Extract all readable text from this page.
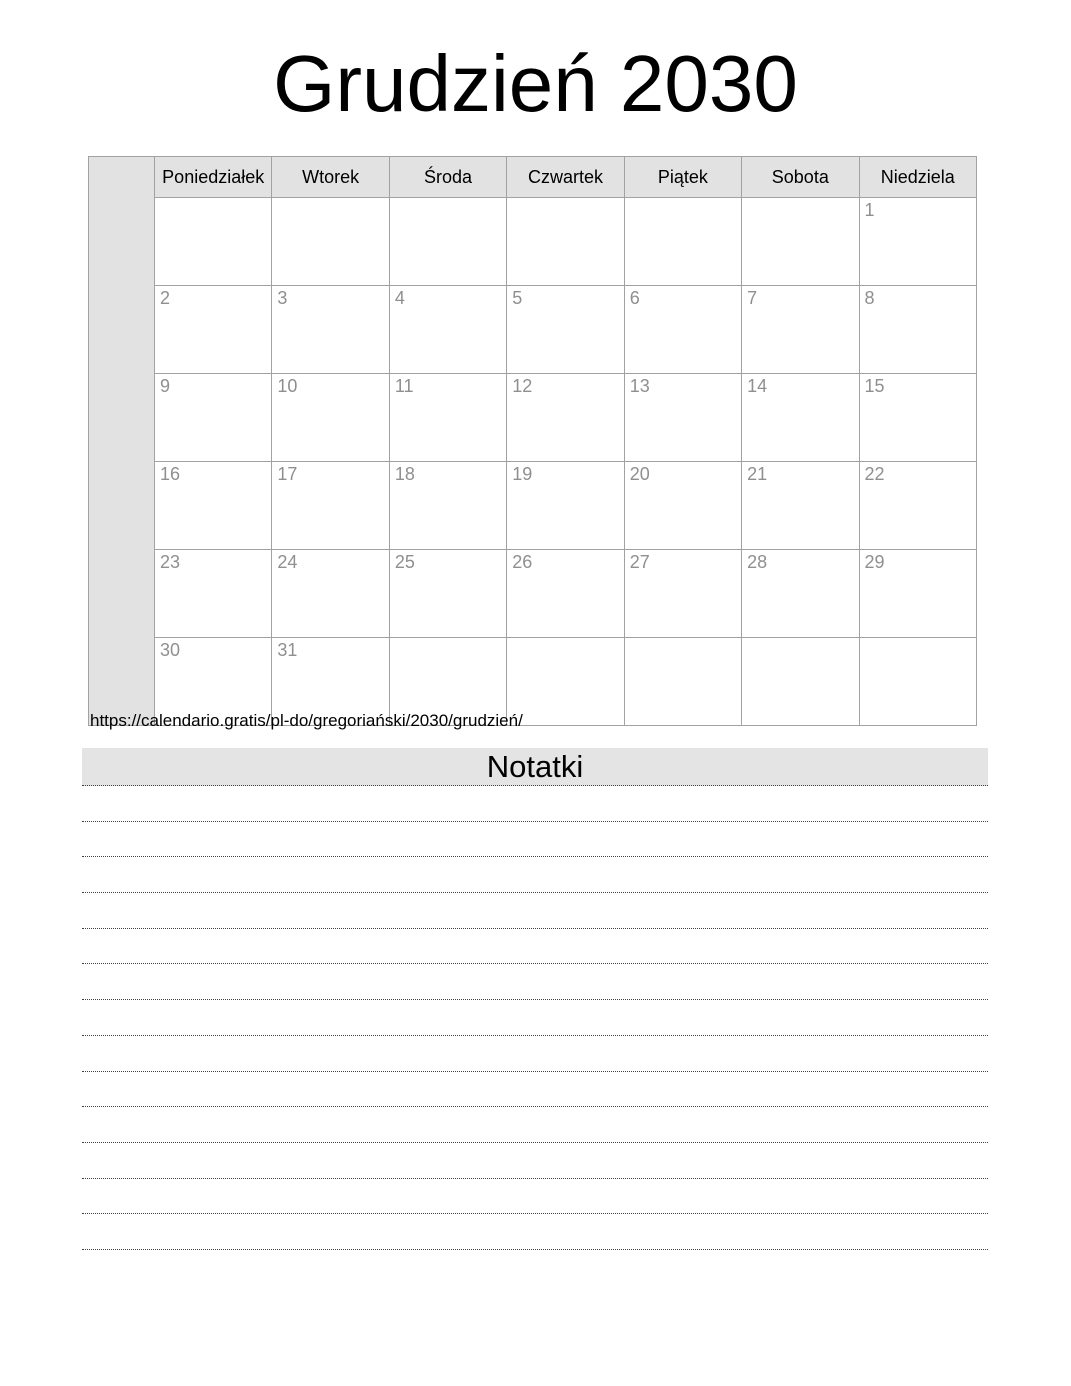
Grudzień 2030
	Poniedziałek	Wtorek	Środa	Czwartek	Piątek	Sobota	Niedziela
							1
	2	3	4	5	6	7	8
	9	10	11	12	13	14	15
	16	17	18	19	20	21	22
	23	24	25	26	27	28	29
	30	31					
https://calendario.gratis/pl-do/gregoriański/2030/grudzień/
Notatki
